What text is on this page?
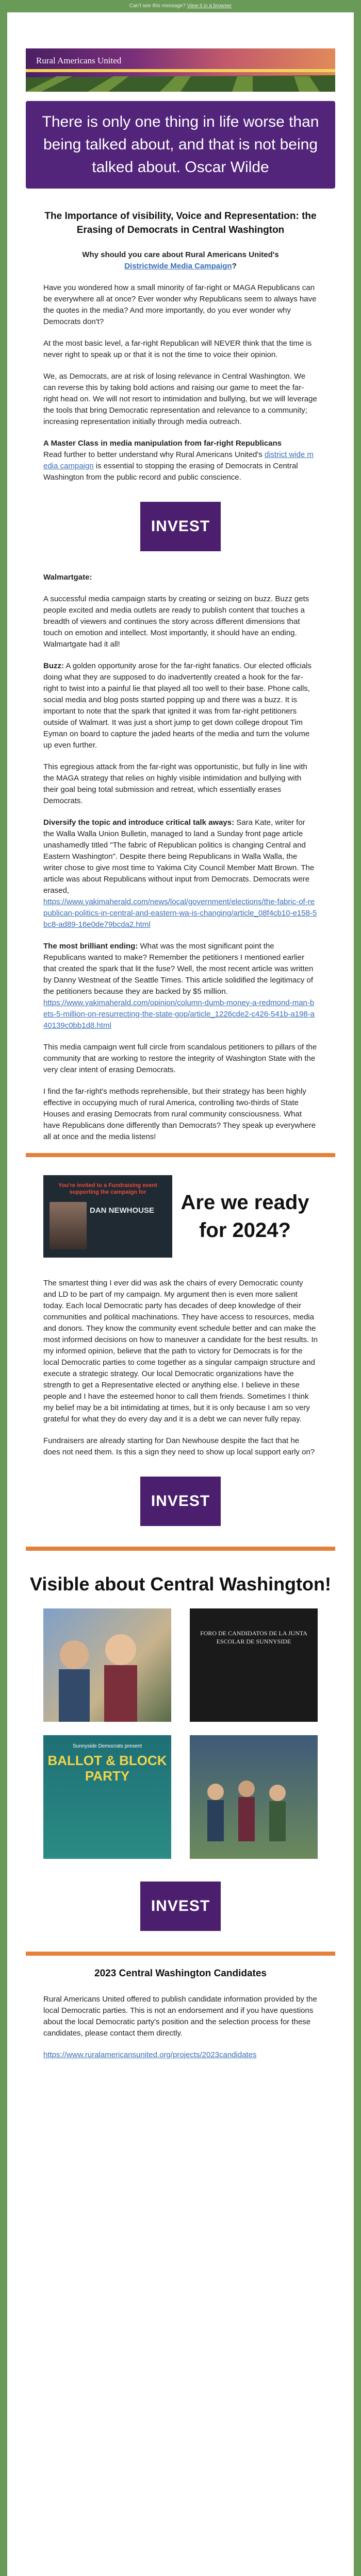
Can't see this message? View it in a browser
Rural Americans United
There is only one thing in life worse than being talked about, and that is not being talked about. Oscar Wilde
The Importance of visibility, Voice and Representation: the Erasing of Democrats in Central Washington

Why should you care about Rural Americans United's
Districtwide Media Campaign?

Have you wondered how a small minority of far-right or MAGA Republicans can be everywhere all at once? Ever wonder why Republicans seem to always have the quotes in the media? And more importantly, do you ever wonder why Democrats don't?

At the most basic level, a far-right Republican will NEVER think that the time is never right to speak up or that it is not the time to voice their opinion.

We, as Democrats, are at risk of losing relevance in Central Washington. We can reverse this by taking bold actions and raising our game to meet the far-right head on. We will not resort to intimidation and bullying, but we will leverage the tools that bring Democratic representation and relevance to a community; increasing representation initially through media outreach.

A Master Class in media manipulation from far-right Republicans
Read further to better understand why Rural Americans United's district wide media campaign is essential to stopping the erasing of Democrats in Central Washington from the public record and public conscience.

INVEST

Walmartgate:

A successful media campaign starts by creating or seizing on buzz. Buzz gets people excited and media outlets are ready to publish content that touches a breadth of viewers and continues the story across different dimensions that touch on emotion and intellect. Most importantly, it should have an ending. Walmartgate had it all!

Buzz: A golden opportunity arose for the far-right fanatics. Our elected officials doing what they are supposed to do inadvertently created a hook for the far-right to twist into a painful lie that played all too well to their base. Phone calls, social media and blog posts started popping up and there was a buzz. It is important to note that the spark that ignited it was from far-right petitioners outside of Walmart. It was just a short jump to get down college dropout Tim Eyman on board to capture the jaded hearts of the media and turn the volume up even further.

This egregious attack from the far-right was opportunistic, but fully in line with the MAGA strategy that relies on highly visible intimidation and bullying with their goal being total submission and retreat, which essentially erases Democrats.

Diversify the topic and introduce critical talk aways: Sara Kate, writer for the Walla Walla Union Bulletin, managed to land a Sunday front page article unashamedly titled "The fabric of Republican politics is changing Central and Eastern Washington". Despite there being Republicans in Walla Walla, the writer chose to give most time to Yakima City Council Member Matt Brown. The article was about Republicans without input from Democrats. Democrats were erased,
https://www.yakimaherald.com/news/local/government/elections/the-fabric-of-republican-politics-in-central-and-eastern-wa-is-changing/article_08f4cb10-e158-5bc8-ad89-16e0de79bcda2.html

The most brilliant ending: What was the most significant point the Republicans wanted to make? Remember the petitioners I mentioned earlier that created the spark that lit the fuse? Well, the most recent article was written by Danny Westneat of the Seattle Times. This article solidified the legitimacy of the petitioners because they are backed by $5 million.
https://www.yakimaherald.com/opinion/column-dumb-money-a-redmond-man-bets-5-million-on-resurrecting-the-state-gop/article_1226cde2-c426-541b-a198-a40139c0bb1d8.html

This media campaign went full circle from scandalous petitioners to pillars of the community that are working to restore the integrity of Washington State with the very clear intent of erasing Democrats.

I find the far-right's methods reprehensible, but their strategy has been highly effective in occupying much of rural America, controlling two-thirds of State Houses and erasing Democrats from rural community consciousness. What have Republicans done differently than Democrats? They speak up everywhere all at once and the media listens!

You're invited to a Fundraising event supporting the campaign for
DAN NEWHOUSE	Are we ready for 2024?

The smartest thing I ever did was ask the chairs of every Democratic county and LD to be part of my campaign. My argument then is even more salient today. Each local Democratic party has decades of deep knowledge of their communities and political machinations. They have access to resources, media and donors. They know the community event schedule better and can make the most informed decisions on how to maneuver a candidate for the best results. In my informed opinion, believe that the path to victory for Democrats is for the local Democratic parties to come together as a singular campaign structure and execute a strategic strategy. Our local Democratic organizations have the strength to get a Representative elected or anything else. I believe in these people and I have the esteemed honor to call them friends. Sometimes I think my belief may be a bit intimidating at times, but it is only because I am so very grateful for what they do every day and it is a debt we can never fully repay.

Fundraisers are already starting for Dan Newhouse despite the fact that he does not need them. Is this a sign they need to show up local support early on?

INVEST
Visible about Central Washington!
FORO DE CANDIDATOS DE LA JUNTA ESCOLAR DE SUNNYSIDE
Sunnyside Democrats present
BALLOT & BLOCK PARTY
INVEST
2023 Central Washington Candidates

Rural Americans United offered to publish candidate information provided by the local Democratic parties. This is not an endorsement and if you have questions about the local Democratic party's position and the selection process for these candidates, please contact them directly.

https://www.ruralamericansunited.org/projects/2023candidates
